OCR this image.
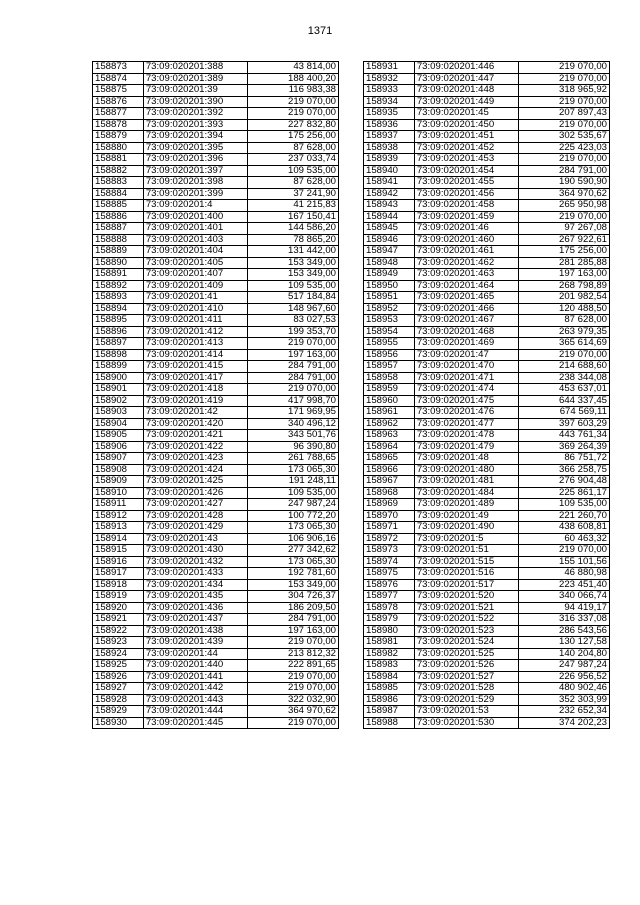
1371
158873	73:09:020201:388	43 814,00
158874	73:09:020201:389	188 400,20
158875	73:09:020201:39	116 983,38
158876	73:09:020201:390	219 070,00
158877	73:09:020201:392	219 070,00
158878	73:09:020201:393	227 832,80
158879	73:09:020201:394	175 256,00
158880	73:09:020201:395	87 628,00
158881	73:09:020201:396	237 033,74
158882	73:09:020201:397	109 535,00
158883	73:09:020201:398	87 628,00
158884	73:09:020201:399	37 241,90
158885	73:09:020201:4	41 215,83
158886	73:09:020201:400	167 150,41
158887	73:09:020201:401	144 586,20
158888	73:09:020201:403	78 865,20
158889	73:09:020201:404	131 442,00
158890	73:09:020201:405	153 349,00
158891	73:09:020201:407	153 349,00
158892	73:09:020201:409	109 535,00
158893	73:09:020201:41	517 184,84
158894	73:09:020201:410	148 967,60
158895	73:09:020201:411	83 027,53
158896	73:09:020201:412	199 353,70
158897	73:09:020201:413	219 070,00
158898	73:09:020201:414	197 163,00
158899	73:09:020201:415	284 791,00
158900	73:09:020201:417	284 791,00
158901	73:09:020201:418	219 070,00
158902	73:09:020201:419	417 998,70
158903	73:09:020201:42	171 969,95
158904	73:09:020201:420	340 496,12
158905	73:09:020201:421	343 501,76
158906	73:09:020201:422	96 390,80
158907	73:09:020201:423	261 788,65
158908	73:09:020201:424	173 065,30
158909	73:09:020201:425	191 248,11
158910	73:09:020201:426	109 535,00
158911	73:09:020201:427	247 987,24
158912	73:09:020201:428	100 772,20
158913	73:09:020201:429	173 065,30
158914	73:09:020201:43	106 906,16
158915	73:09:020201:430	277 342,62
158916	73:09:020201:432	173 065,30
158917	73:09:020201:433	192 781,60
158918	73:09:020201:434	153 349,00
158919	73:09:020201:435	304 726,37
158920	73:09:020201:436	186 209,50
158921	73:09:020201:437	284 791,00
158922	73:09:020201:438	197 163,00
158923	73:09:020201:439	219 070,00
158924	73:09:020201:44	213 812,32
158925	73:09:020201:440	222 891,65
158926	73:09:020201:441	219 070,00
158927	73:09:020201:442	219 070,00
158928	73:09:020201:443	322 032,90
158929	73:09:020201:444	364 970,62
158930	73:09:020201:445	219 070,00
158931	73:09:020201:446	219 070,00
158932	73:09:020201:447	219 070,00
158933	73:09:020201:448	318 965,92
158934	73:09:020201:449	219 070,00
158935	73:09:020201:45	207 897,43
158936	73:09:020201:450	219 070,00
158937	73:09:020201:451	302 535,67
158938	73:09:020201:452	225 423,03
158939	73:09:020201:453	219 070,00
158940	73:09:020201:454	284 791,00
158941	73:09:020201:455	190 590,90
158942	73:09:020201:456	364 970,62
158943	73:09:020201:458	265 950,98
158944	73:09:020201:459	219 070,00
158945	73:09:020201:46	97 267,08
158946	73:09:020201:460	267 922,61
158947	73:09:020201:461	175 256,00
158948	73:09:020201:462	281 285,88
158949	73:09:020201:463	197 163,00
158950	73:09:020201:464	268 798,89
158951	73:09:020201:465	201 982,54
158952	73:09:020201:466	120 488,50
158953	73:09:020201:467	87 628,00
158954	73:09:020201:468	263 979,35
158955	73:09:020201:469	365 614,69
158956	73:09:020201:47	219 070,00
158957	73:09:020201:470	214 688,60
158958	73:09:020201:471	238 344,08
158959	73:09:020201:474	453 637,01
158960	73:09:020201:475	644 337,45
158961	73:09:020201:476	674 569,11
158962	73:09:020201:477	397 603,29
158963	73:09:020201:478	443 761,34
158964	73:09:020201:479	369 264,39
158965	73:09:020201:48	86 751,72
158966	73:09:020201:480	366 258,75
158967	73:09:020201:481	276 904,48
158968	73:09:020201:484	225 861,17
158969	73:09:020201:489	109 535,00
158970	73:09:020201:49	221 260,70
158971	73:09:020201:490	438 608,81
158972	73:09:020201:5	60 463,32
158973	73:09:020201:51	219 070,00
158974	73:09:020201:515	155 101,56
158975	73:09:020201:516	46 880,98
158976	73:09:020201:517	223 451,40
158977	73:09:020201:520	340 066,74
158978	73:09:020201:521	94 419,17
158979	73:09:020201:522	316 337,08
158980	73:09:020201:523	286 543,56
158981	73:09:020201:524	130 127,58
158982	73:09:020201:525	140 204,80
158983	73:09:020201:526	247 987,24
158984	73:09:020201:527	226 956,52
158985	73:09:020201:528	480 902,46
158986	73:09:020201:529	352 303,99
158987	73:09:020201:53	232 652,34
158988	73:09:020201:530	374 202,23
